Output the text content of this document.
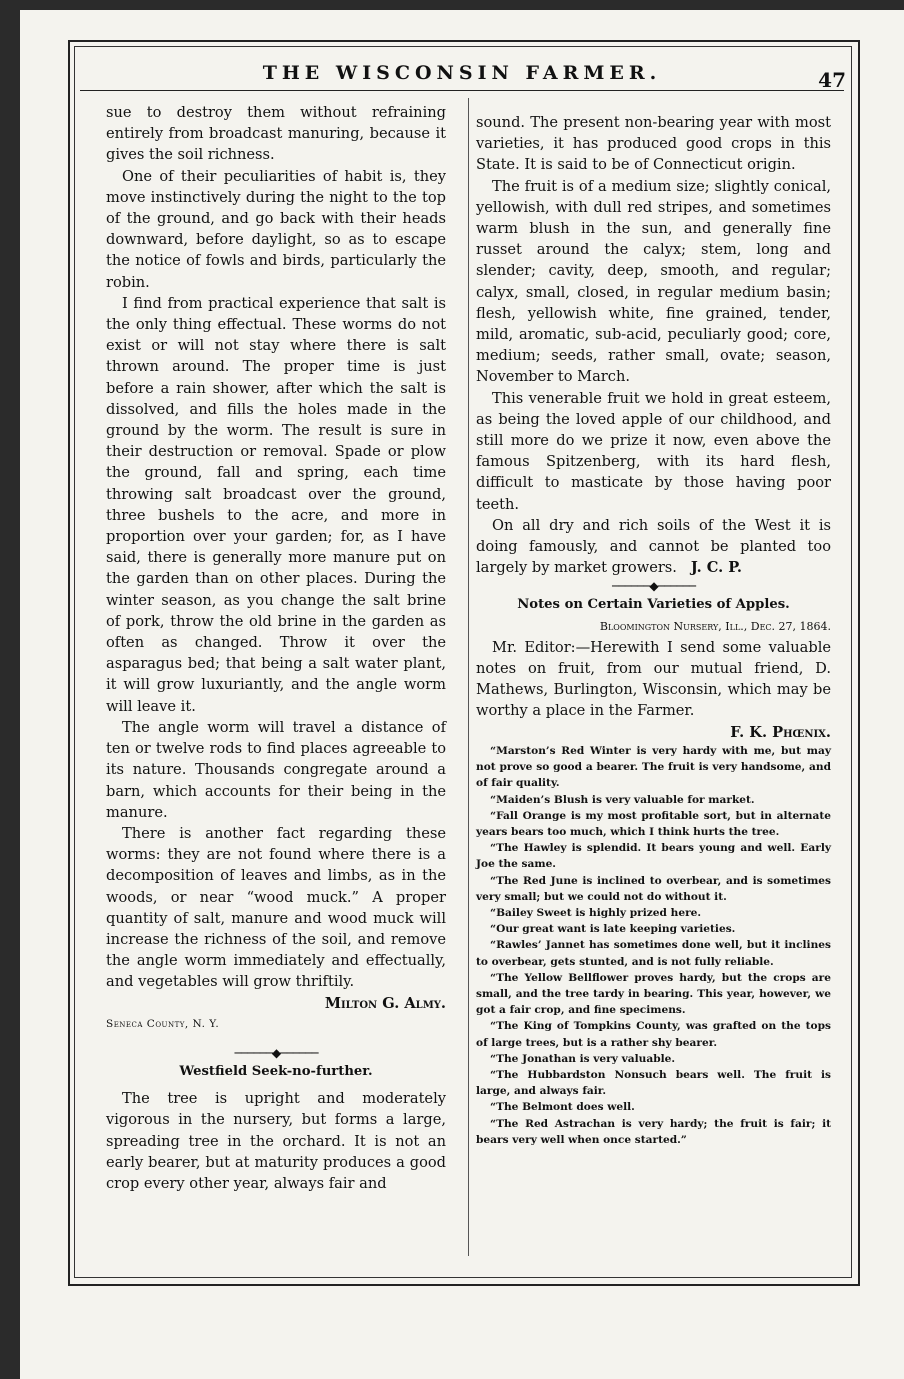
THE WISCONSIN FARMER.	47

sue to destroy them without refraining entirely from broadcast manuring, because it gives the soil richness.

One of their peculiarities of habit is, they move instinctively during the night to the top of the ground, and go back with their heads downward, before daylight, so as to escape the notice of fowls and birds, particularly the robin.

I find from practical experience that salt is the only thing effectual. These worms do not exist or will not stay where there is salt thrown around. The proper time is just before a rain shower, after which the salt is dissolved, and fills the holes made in the ground by the worm. The result is sure in their destruction or removal. Spade or plow the ground, fall and spring, each time throwing salt broadcast over the ground, three bushels to the acre, and more in proportion over your garden; for, as I have said, there is generally more manure put on the garden than on other places. During the winter season, as you change the salt brine of pork, throw the old brine in the garden as often as changed. Throw it over the asparagus bed; that being a salt water plant, it will grow luxuriantly, and the angle worm will leave it.

The angle worm will travel a distance of ten or twelve rods to find places agreeable to its nature. Thousands congregate around a barn, which accounts for their being in the manure.

There is another fact regarding these worms: they are not found where there is a decomposition of leaves and limbs, as in the woods, or near “wood muck.” A proper quantity of salt, manure and wood muck will increase the richness of the soil, and remove the angle worm immediately and effectually, and vegetables will grow thriftily.

Milton G. Almy.

Seneca County, N. Y.

──────◆──────

Westfield Seek-no-further.

The tree is upright and moderately vigorous in the nursery, but forms a large, spreading tree in the orchard. It is not an early bearer, but at maturity produces a good crop every other year, always fair and

sound. The present non-bearing year with most varieties, it has produced good crops in this State. It is said to be of Connecticut origin.

The fruit is of a medium size; slightly conical, yellowish, with dull red stripes, and sometimes warm blush in the sun, and generally fine russet around the calyx; stem, long and slender; cavity, deep, smooth, and regular; calyx, small, closed, in regular medium basin; flesh, yellowish white, fine grained, tender, mild, aromatic, sub-acid, peculiarly good; core, medium; seeds, rather small, ovate; season, November to March.

This venerable fruit we hold in great esteem, as being the loved apple of our childhood, and still more do we prize it now, even above the famous Spitzenberg, with its hard flesh, difficult to masticate by those having poor teeth.

On all dry and rich soils of the West it is doing famously, and cannot be planted too largely by market growers. J. C. P.

──────◆──────

Notes on Certain Varieties of Apples.

Bloomington Nursery, Ill., Dec. 27, 1864.

Mr. Editor:—Herewith I send some valuable notes on fruit, from our mutual friend, D. Mathews, Burlington, Wisconsin, which may be worthy a place in the Farmer.

F. K. Phœnix.

“Marston’s Red Winter is very hardy with me, but may not prove so good a bearer. The fruit is very handsome, and of fair quality.

“Maiden’s Blush is very valuable for market.

“Fall Orange is my most profitable sort, but in alternate years bears too much, which I think hurts the tree.

“The Hawley is splendid. It bears young and well. Early Joe the same.

“The Red June is inclined to overbear, and is sometimes very small; but we could not do without it.

“Bailey Sweet is highly prized here.

“Our great want is late keeping varieties.

“Rawles’ Jannet has sometimes done well, but it inclines to overbear, gets stunted, and is not fully reliable.

“The Yellow Bellflower proves hardy, but the crops are small, and the tree tardy in bearing. This year, however, we got a fair crop, and fine specimens.

“The King of Tompkins County, was grafted on the tops of large trees, but is a rather shy bearer.

“The Jonathan is very valuable.

“The Hubbardston Nonsuch bears well. The fruit is large, and always fair.

“The Belmont does well.

“The Red Astrachan is very hardy; the fruit is fair; it bears very well when once started.”
